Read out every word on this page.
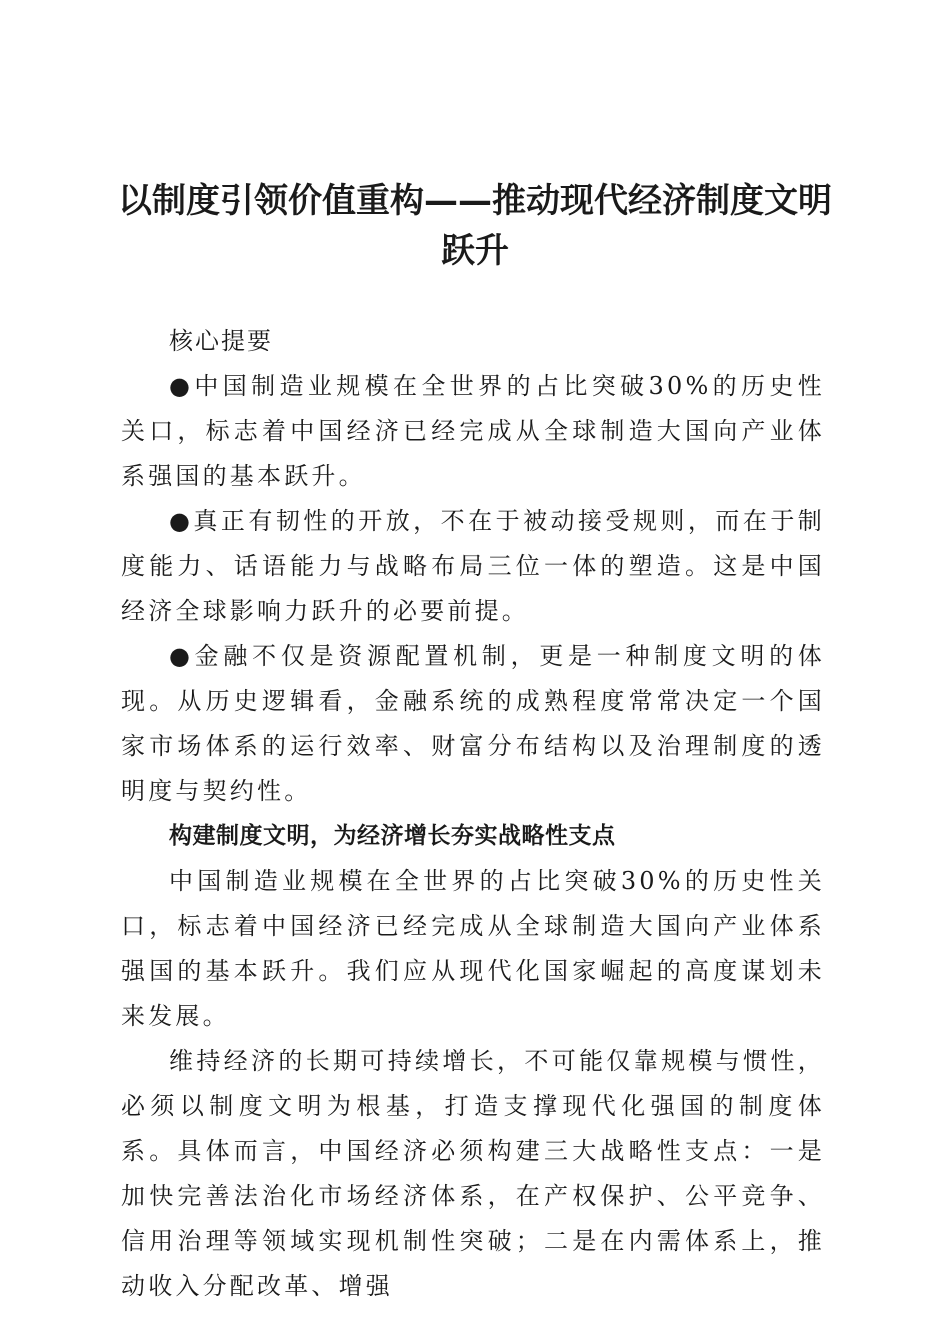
以制度引领价值重构——推动现代经济制度文明跃升

核心提要

●中国制造业规模在全世界的占比突破30%的历史性关口，标志着中国经济已经完成从全球制造大国向产业体系强国的基本跃升。

●真正有韧性的开放，不在于被动接受规则，而在于制度能力、话语能力与战略布局三位一体的塑造。这是中国经济全球影响力跃升的必要前提。

●金融不仅是资源配置机制，更是一种制度文明的体现。从历史逻辑看，金融系统的成熟程度常常决定一个国家市场体系的运行效率、财富分布结构以及治理制度的透明度与契约性。

构建制度文明，为经济增长夯实战略性支点

中国制造业规模在全世界的占比突破30%的历史性关口，标志着中国经济已经完成从全球制造大国向产业体系强国的基本跃升。我们应从现代化国家崛起的高度谋划未来发展。

维持经济的长期可持续增长，不可能仅靠规模与惯性，必须以制度文明为根基，打造支撑现代化强国的制度体系。具体而言，中国经济必须构建三大战略性支点：一是加快完善法治化市场经济体系，在产权保护、公平竞争、信用治理等领域实现机制性突破；二是在内需体系上，推动收入分配改革、增强
